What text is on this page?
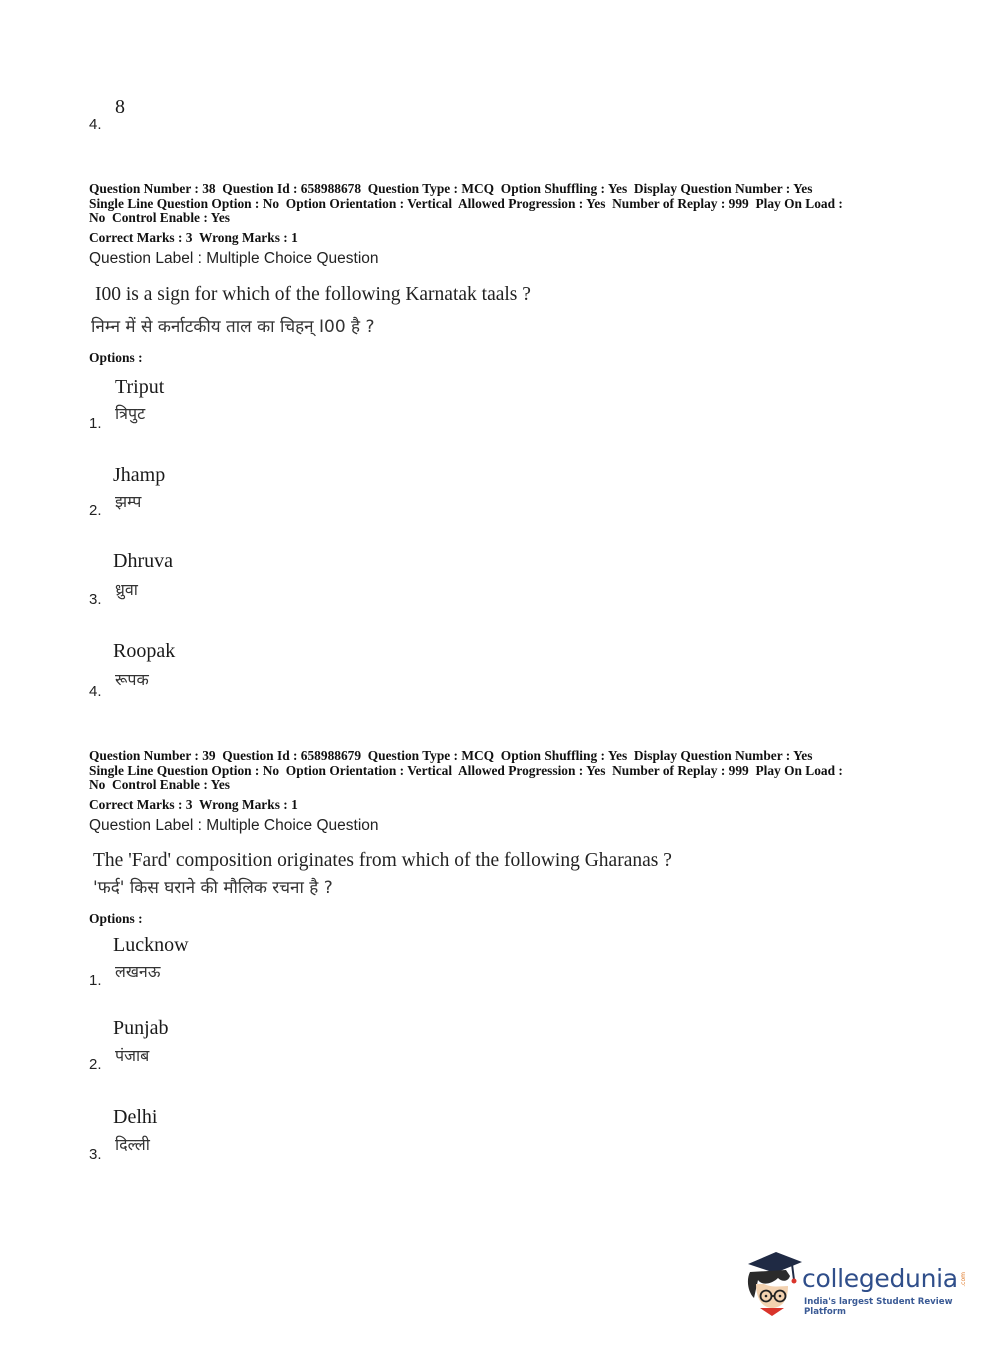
8
4.
Question Number : 38  Question Id : 658988678  Question Type : MCQ  Option Shuffling : Yes  Display Question Number : Yes
Single Line Question Option : No  Option Orientation : Vertical  Allowed Progression : Yes  Number of Replay : 999  Play On Load :
No  Control Enable : Yes
Correct Marks : 3  Wrong Marks : 1
Question Label : Multiple Choice Question
I00 is a sign for which of the following Karnatak taals ?
निम्न में से कर्नाटकीय ताल का चिहन् I00 है ?
Options :
Triput
त्रिपुट
1.
Jhamp
झम्प
2.
Dhruva
ध्रुवा
3.
Roopak
रूपक
4.
Question Number : 39  Question Id : 658988679  Question Type : MCQ  Option Shuffling : Yes  Display Question Number : Yes
Single Line Question Option : No  Option Orientation : Vertical  Allowed Progression : Yes  Number of Replay : 999  Play On Load :
No  Control Enable : Yes
Correct Marks : 3  Wrong Marks : 1
Question Label : Multiple Choice Question
The 'Fard' composition originates from which of the following Gharanas ?
'फर्द' किस घराने की मौलिक रचना है ?
Options :
Lucknow
लखनऊ
1.
Punjab
पंजाब
2.
Delhi
दिल्ली
3.
collegedunia .com
India's largest Student Review Platform
